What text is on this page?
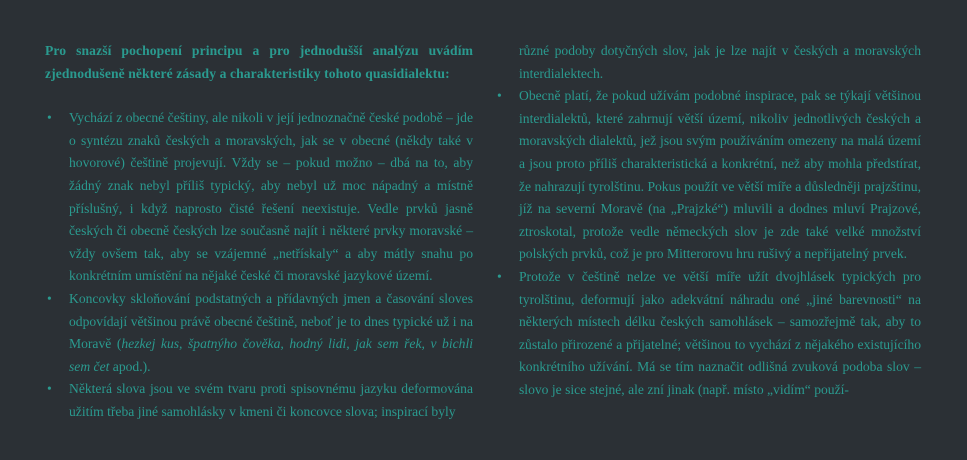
Pro snazší pochopení principu a pro jednodušší analýzu uvádím zjednodušeně některé zásady a charakteristiky tohoto quasidialektu:

• Vychází z obecné češtiny, ale nikoli v její jednoznačně české podobě – jde o syntézu znaků českých a moravských, jak se v obecné (někdy také v hovorové) češtině projevují. Vždy se – pokud možno – dbá na to, aby žádný znak nebyl příliš typický, aby nebyl už moc nápadný a místně příslušný, i když naprosto čisté řešení neexistuje. Vedle prvků jasně českých či obecně českých lze současně najít i některé prvky moravské – vždy ovšem tak, aby se vzájemné „netřískaly“ a aby mátly snahu po konkrétním umístění na nějaké české či moravské jazykové území.
• Koncovky skloňování podstatných a přídavných jmen a časování sloves odpovídají většinou právě obecné češtině, neboť je to dnes typické už i na Moravě (hezkej kus, špatnýho čověka, hodný lidi, jak sem řek, v bichli sem čet apod.).
• Některá slova jsou ve svém tvaru proti spisovnému jazyku deformována užitím třeba jiné samohlásky v kmeni či koncovce slova; inspirací byly
různé podoby dotyčných slov, jak je lze najít v českých a moravských interdialektech.
• Obecně platí, že pokud užívám podobné inspirace, pak se týkají většinou interdialektů, které zahrnují větší území, nikoliv jednotlivých českých a moravských dialektů, jež jsou svým používáním omezeny na malá území a jsou proto příliš charakteristická a konkrétní, než aby mohla předstírat, že nahrazují tyrolštinu. Pokus použít ve větší míře a důsledněji prajzštinu, jíž na severní Moravě (na „Prajzké“) mluvili a dodnes mluví Prajzové, ztroskotal, protože vedle německých slov je zde také velké množství polských prvků, což je pro Mitterorovu hru rušivý a nepřijatelný prvek.
• Protože v češtině nelze ve větší míře užít dvojhlásek typických pro tyrolštinu, deformují jako adekvátní náhradu oné „jiné barevnosti“ na některých místech délku českých samohlásek – samozřejmě tak, aby to zůstalo přirozené a přijatelné; většinou to vychází z nějakého existujícího konkrétního užívání. Má se tím naznačit odlišná zvuková podoba slov – slovo je sice stejné, ale zní jinak (např. místo „vidím“ použí-
